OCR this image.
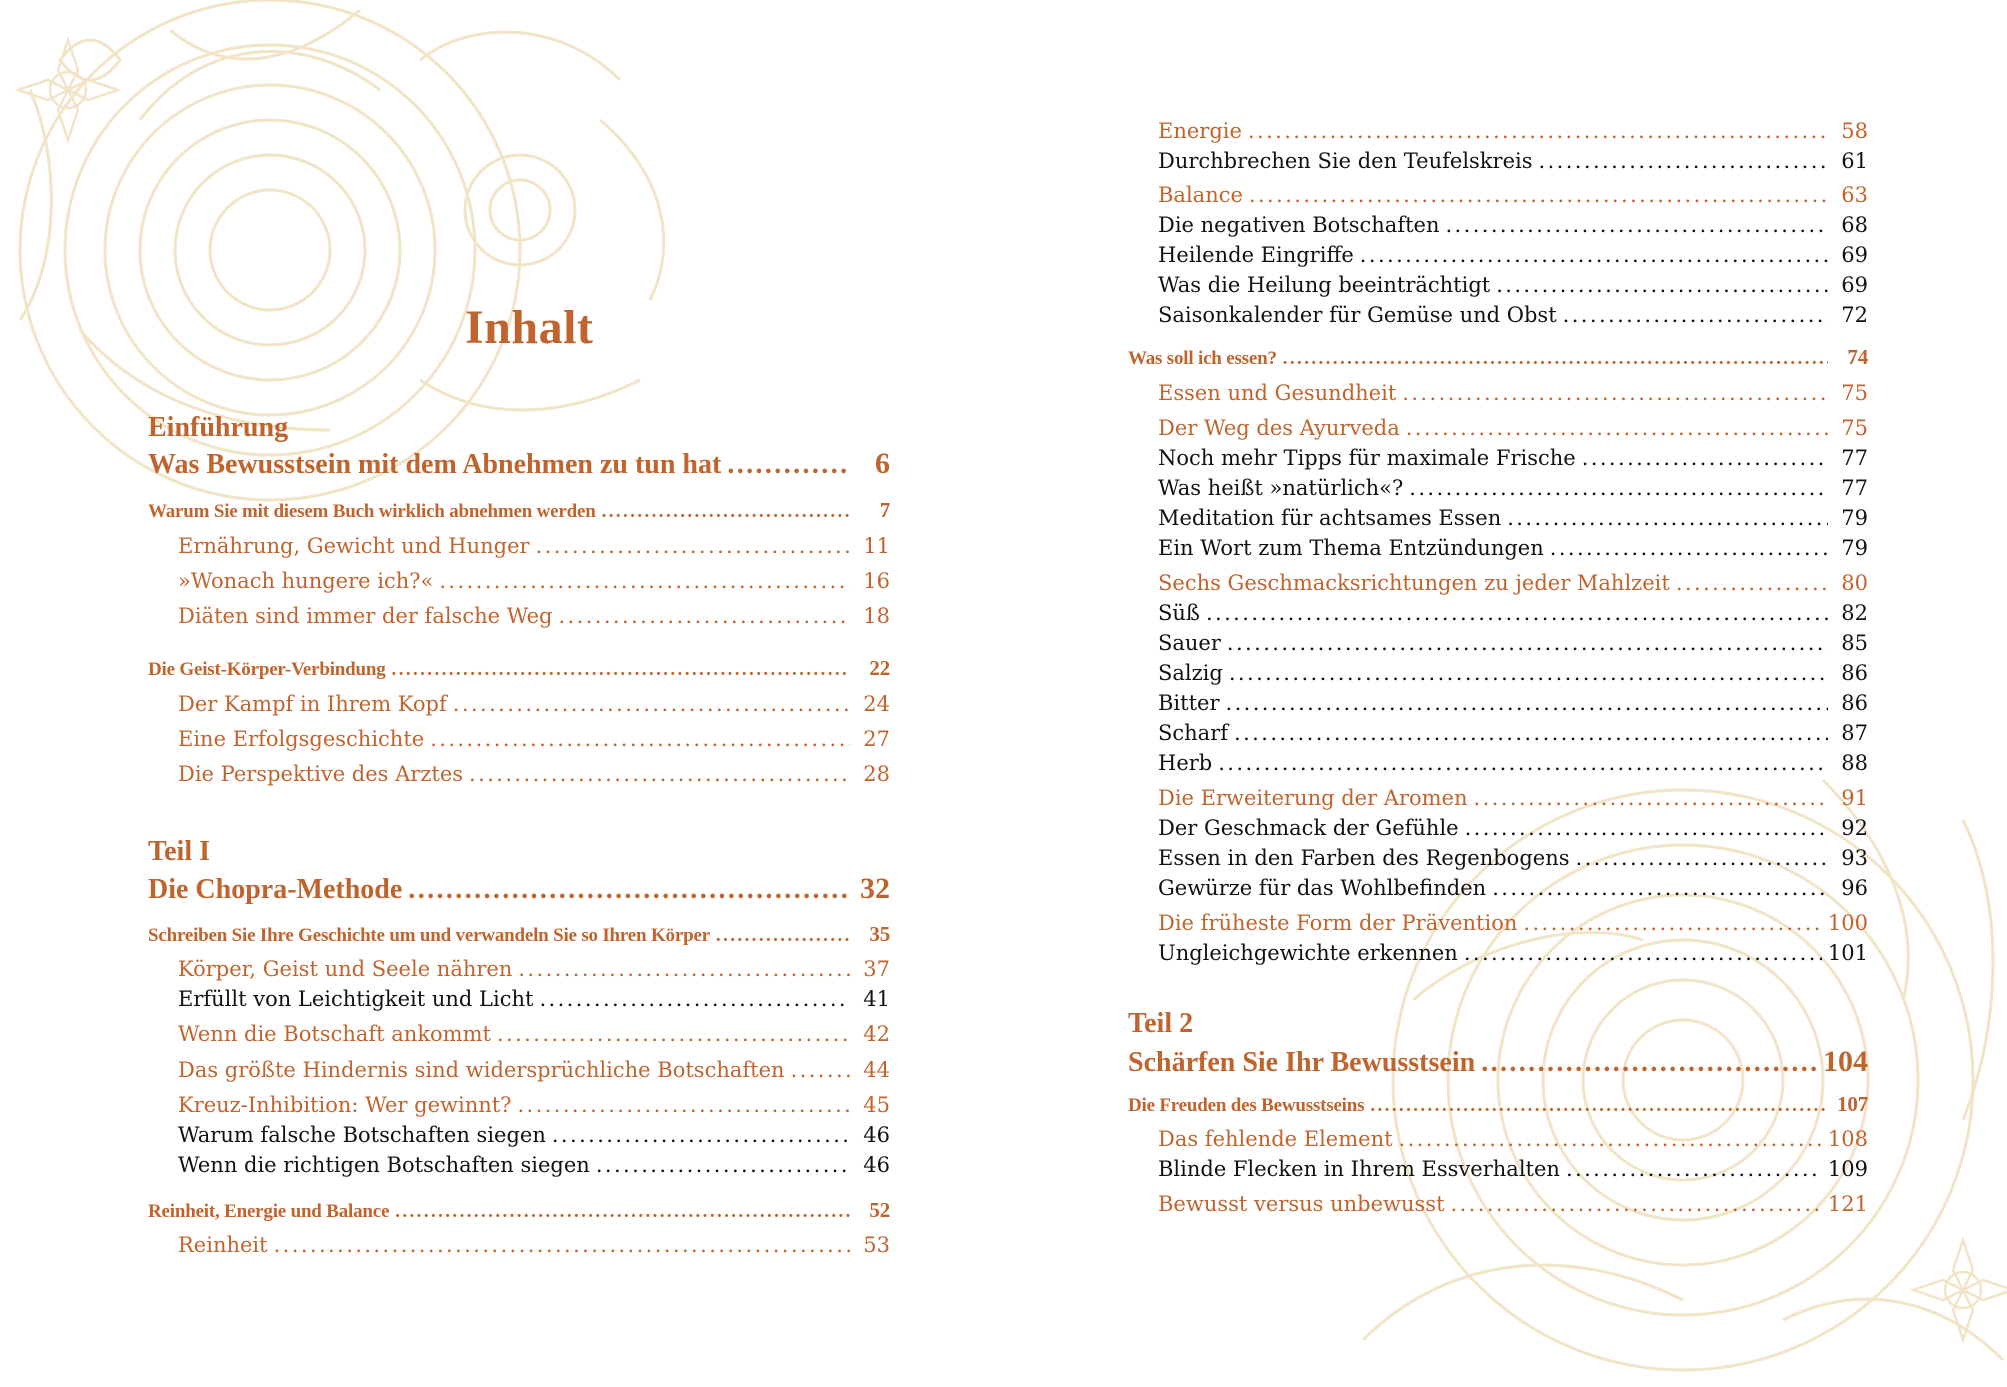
Inhalt
Einführung
Teil I
Was Bewusstsein mit dem Abnehmen zu tun hat .....	6
Warum Sie mit diesem Buch wirklich abnehmen werden .....	7
Ernährung, Gewicht und Hunger .....	11
»Wonach hungere ich?« .....	16
Diäten sind immer der falsche Weg .....	18
Die Geist-Körper-Verbindung .....	22
Der Kampf in Ihrem Kopf .....	24
Eine Erfolgsgeschichte .....	27
Die Perspektive des Arztes .....	28
Die Chopra-Methode .....	32
Schreiben Sie Ihre Geschichte um und verwandeln Sie so Ihren Körper .....	35
Körper, Geist und Seele nähren .....	37
Erfüllt von Leichtigkeit und Licht .....	41
Wenn die Botschaft ankommt .....	42
Das größte Hindernis sind widersprüchliche Botschaften .....	44
Kreuz-Inhibition: Wer gewinnt? .....	45
Warum falsche Botschaften siegen .....	46
Wenn die richtigen Botschaften siegen .....	46
Reinheit, Energie und Balance .....	52
Reinheit .....	53
Teil 2
Energie .....	58
Durchbrechen Sie den Teufelskreis .....	61
Balance .....	63
Die negativen Botschaften .....	68
Heilende Eingriffe .....	69
Was die Heilung beeinträchtigt .....	69
Saisonkalender für Gemüse und Obst .....	72
Was soll ich essen? .....	74
Essen und Gesundheit .....	75
Der Weg des Ayurveda .....	75
Noch mehr Tipps für maximale Frische .....	77
Was heißt »natürlich«? .....	77
Meditation für achtsames Essen .....	79
Ein Wort zum Thema Entzündungen .....	79
Sechs Geschmacksrichtungen zu jeder Mahlzeit .....	80
Süß .....	82
Sauer .....	85
Salzig .....	86
Bitter .....	86
Scharf .....	87
Herb .....	88
Die Erweiterung der Aromen .....	91
Der Geschmack der Gefühle .....	92
Essen in den Farben des Regenbogens .....	93
Gewürze für das Wohlbefinden .....	96
Die früheste Form der Prävention .....	100
Ungleichgewichte erkennen .....	101
Schärfen Sie Ihr Bewusstsein .....	104
Die Freuden des Bewusstseins .....	107
Das fehlende Element .....	108
Blinde Flecken in Ihrem Essverhalten .....	109
Bewusst versus unbewusst .....	121
